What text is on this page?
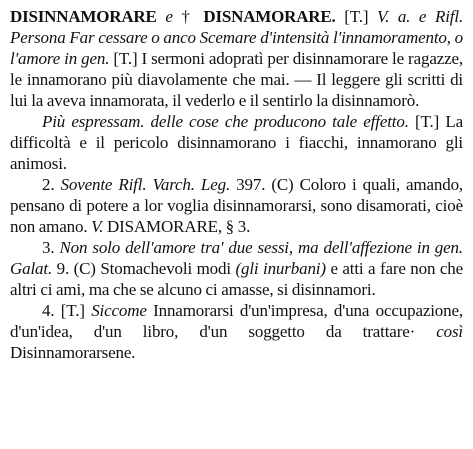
DISINNAMORARE e † DISNAMORARE. [T.] V. a. e Rifl. Persona Far cessare o anco Scemare d'intensità l'innamoramento, o l'amore in gen. [T.] I sermoni adopratì per disinnamorare le ragazze, le innamorano più diavolamente che mai. — Il leggere gli scritti di lui la aveva innamorata, il vederlo e il sentirlo la disinnamorò.

Più espressam. delle cose che producono tale effetto. [T.] La difficoltà e il pericolo disinnamorano i fiacchi, innamorano gli animosi.

2. Sovente Rifl. Varch. Leg. 397. (C) Coloro i quali, amando, pensano di potere a lor voglia disinnamorarsi, sono disamorati, cioè non amano. V. DISAMORARE, § 3.

3. Non solo dell'amore tra' due sessi, ma dell'affezione in gen. Galat. 9. (C) Stomachevoli modi (gli inurbani) e atti a fare non che altri ci ami, ma che se alcuno ci amasse, si disinnamori.

4. [T.] Siccome Innamorarsi d'un'impresa, d'una occupazione, d'un'idea, d'un libro, d'un soggetto da trattare· così Disinnamorarsene.
